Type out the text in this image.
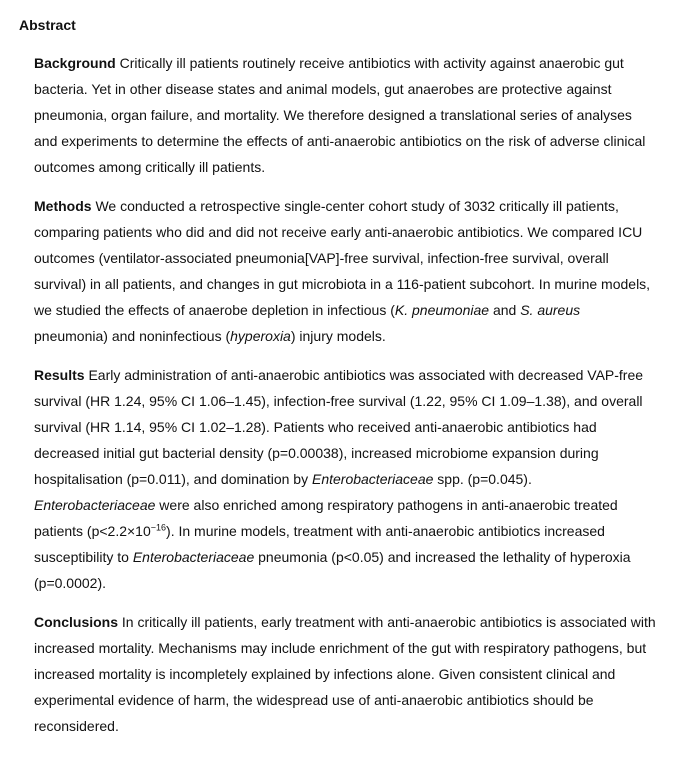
Abstract

Background Critically ill patients routinely receive antibiotics with activity against anaerobic gut bacteria. Yet in other disease states and animal models, gut anaerobes are protective against pneumonia, organ failure, and mortality. We therefore designed a translational series of analyses and experiments to determine the effects of anti-anaerobic antibiotics on the risk of adverse clinical outcomes among critically ill patients.

Methods We conducted a retrospective single-center cohort study of 3032 critically ill patients, comparing patients who did and did not receive early anti-anaerobic antibiotics. We compared ICU outcomes (ventilator-associated pneumonia[VAP]-free survival, infection-free survival, overall survival) in all patients, and changes in gut microbiota in a 116-patient subcohort. In murine models, we studied the effects of anaerobe depletion in infectious (K. pneumoniae and S. aureus pneumonia) and noninfectious (hyperoxia) injury models.

Results Early administration of anti-anaerobic antibiotics was associated with decreased VAP-free survival (HR 1.24, 95% CI 1.06–1.45), infection-free survival (1.22, 95% CI 1.09–1.38), and overall survival (HR 1.14, 95% CI 1.02–1.28). Patients who received anti-anaerobic antibiotics had decreased initial gut bacterial density (p=0.00038), increased microbiome expansion during hospitalisation (p=0.011), and domination by Enterobacteriaceae spp. (p=0.045). Enterobacteriaceae were also enriched among respiratory pathogens in anti-anaerobic treated patients $(p<2.2\times 10^{-16})$. In murine models, treatment with anti-anaerobic antibiotics increased susceptibility to Enterobacteriaceae pneumonia (p<0.05) and increased the lethality of hyperoxia (p=0.0002).

Conclusions In critically ill patients, early treatment with anti-anaerobic antibiotics is associated with increased mortality. Mechanisms may include enrichment of the gut with respiratory pathogens, but increased mortality is incompletely explained by infections alone. Given consistent clinical and experimental evidence of harm, the widespread use of anti-anaerobic antibiotics should be reconsidered.
